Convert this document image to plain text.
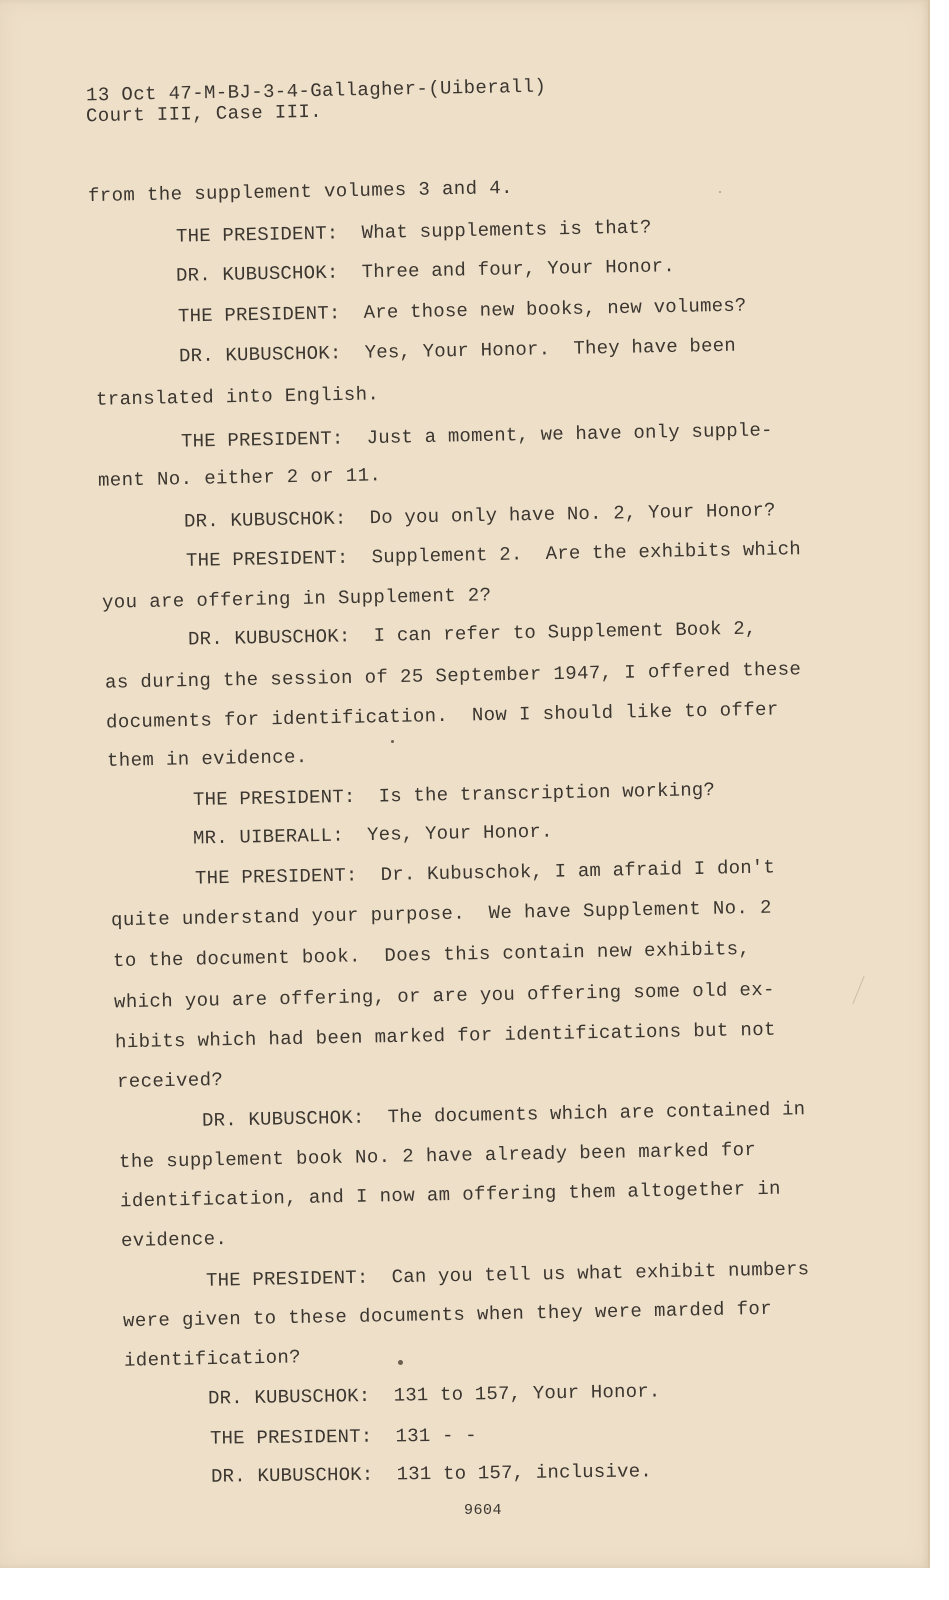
13 Oct 47-M-BJ-3-4-Gallagher-(Uiberall)

Court III, Case III.

from the supplement volumes 3 and 4.

THE PRESIDENT:  What supplements is that?

DR. KUBUSCHOK:  Three and four, Your Honor.

THE PRESIDENT:  Are those new books, new volumes?

DR. KUBUSCHOK:  Yes, Your Honor.  They have been

translated into English.

THE PRESIDENT:  Just a moment, we have only supple-

ment No. either 2 or 11.

DR. KUBUSCHOK:  Do you only have No. 2, Your Honor?

THE PRESIDENT:  Supplement 2.  Are the exhibits which

you are offering in Supplement 2?

DR. KUBUSCHOK:  I can refer to Supplement Book 2,

as during the session of 25 September 1947, I offered these

documents for identification.  Now I should like to offer

them in evidence.

THE PRESIDENT:  Is the transcription working?

MR. UIBERALL:  Yes, Your Honor.

THE PRESIDENT:  Dr. Kubuschok, I am afraid I don't

quite understand your purpose.  We have Supplement No. 2

to the document book.  Does this contain new exhibits,

which you are offering, or are you offering some old ex-

hibits which had been marked for identifications but not

received?

DR. KUBUSCHOK:  The documents which are contained in

the supplement book No. 2 have already been marked for

identification, and I now am offering them altogether in

evidence.

THE PRESIDENT:  Can you tell us what exhibit numbers

were given to these documents when they were marded for

identification?

DR. KUBUSCHOK:  131 to 157, Your Honor.

THE PRESIDENT:  131 - -

DR. KUBUSCHOK:  131 to 157, inclusive.

9604
